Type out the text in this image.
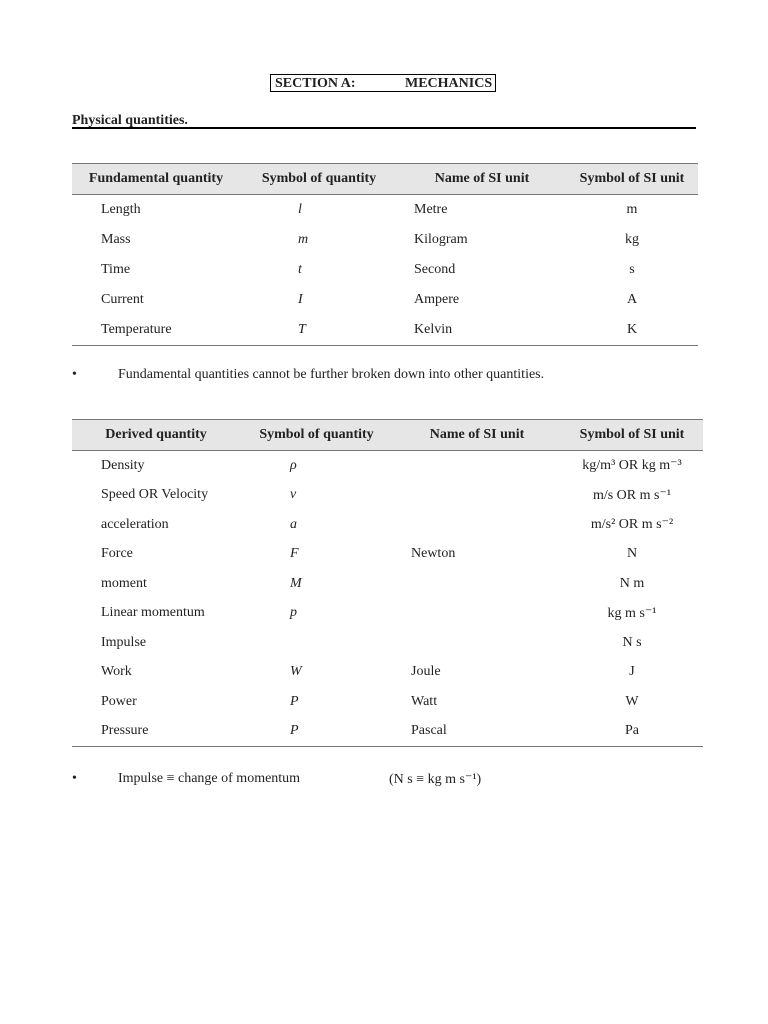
SECTION A:	MECHANICS
Physical quantities.
Fundamental quantity	Symbol of quantity	Name of SI unit	Symbol of SI unit
Length	l	Metre	m
Mass	m	Kilogram	kg
Time	t	Second	s
Current	I	Ampere	A
Temperature	T	Kelvin	K
•	Fundamental quantities cannot be further broken down into other quantities.
Derived quantity	Symbol of quantity	Name of SI unit	Symbol of SI unit
Density	ρ		kg/m³ OR kg m⁻³
Speed OR Velocity	v		m/s OR m s⁻¹
acceleration	a		m/s² OR m s⁻²
Force	F	Newton	N
moment	M		N m
Linear momentum	p		kg m s⁻¹
Impulse			N s
Work	W	Joule	J
Power	P	Watt	W
Pressure	P	Pascal	Pa
•	Impulse ≡ change of momentum	(N s ≡ kg m s⁻¹)
